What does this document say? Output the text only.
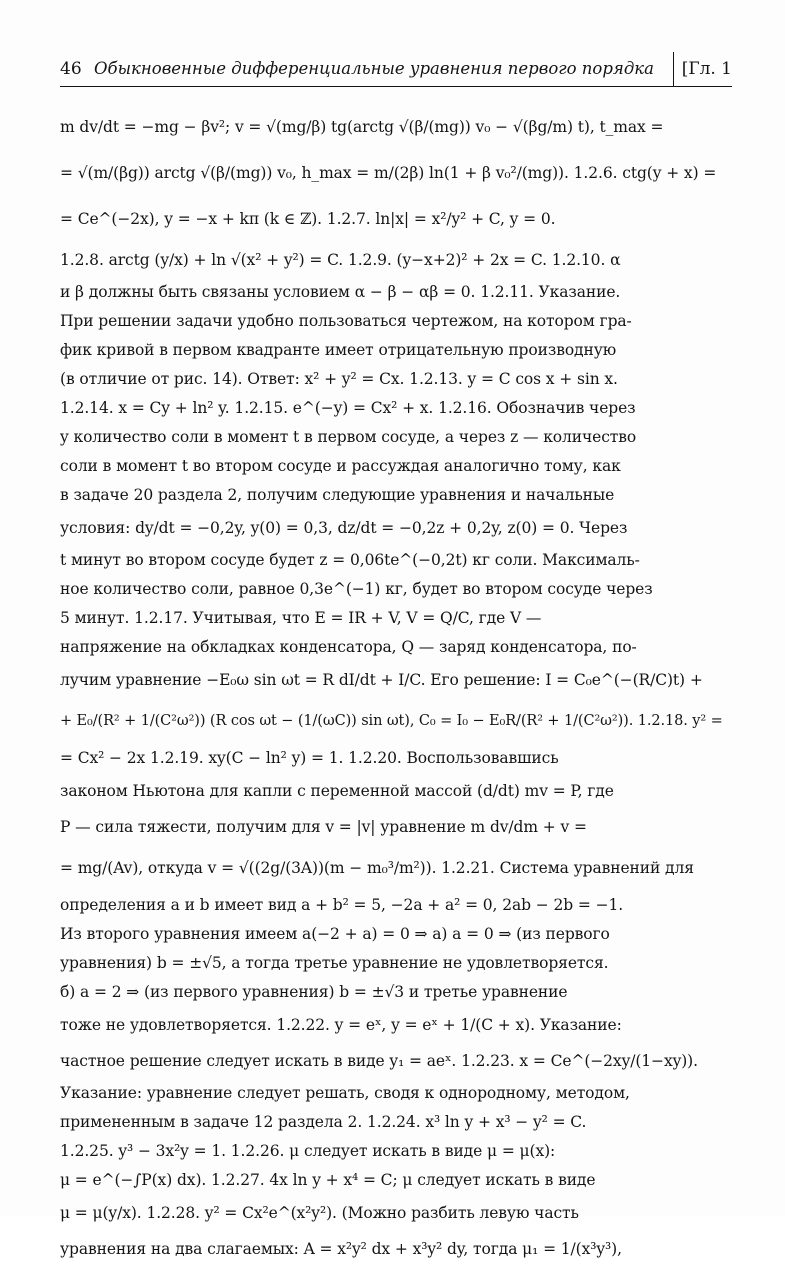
46 Обыкновенные дифференциальные уравнения первого порядка	[Гл. 1
m dv/dt = −mg − βv²; v = √(mg/β) tg(arctg √(β/(mg)) v₀ − √(βg/m) t), t_max =
= √(m/(βg)) arctg √(β/(mg)) v₀, h_max = m/(2β) ln(1 + β v₀²/(mg)). 1.2.6. ctg(y + x) =
= Ce^(−2x), y = −x + kπ (k ∈ ℤ). 1.2.7. ln|x| = x²/y² + C, y = 0.
1.2.8. arctg (y/x) + ln √(x² + y²) = C. 1.2.9. (y−x+2)² + 2x = C. 1.2.10. α
и β должны быть связаны условием α − β − αβ = 0. 1.2.11. Указание.
При решении задачи удобно пользоваться чертежом, на котором гра-
фик кривой в первом квадранте имеет отрицательную производную
(в отличие от рис. 14). Ответ: x² + y² = Cx. 1.2.13. y = C cos x + sin x.
1.2.14. x = Cy + ln² y. 1.2.15. e^(−y) = Cx² + x. 1.2.16. Обозначив через
y количество соли в момент t в первом сосуде, а через z — количество
соли в момент t во втором сосуде и рассуждая аналогично тому, как
в задаче 20 раздела 2, получим следующие уравнения и начальные
условия: dy/dt = −0,2y, y(0) = 0,3, dz/dt = −0,2z + 0,2y, z(0) = 0. Через
t минут во втором сосуде будет z = 0,06te^(−0,2t) кг соли. Максималь-
ное количество соли, равное 0,3e^(−1) кг, будет во втором сосуде через
5 минут. 1.2.17. Учитывая, что E = IR + V, V = Q/C, где V —
напряжение на обкладках конденсатора, Q — заряд конденсатора, по-
лучим уравнение −E₀ω sin ωt = R dI/dt + I/C. Его решение: I = C₀e^(−(R/C)t) +
+ E₀/(R² + 1/(C²ω²)) (R cos ωt − (1/(ωC)) sin ωt), C₀ = I₀ − E₀R/(R² + 1/(C²ω²)). 1.2.18. y² =
= Cx² − 2x 1.2.19. xy(C − ln² y) = 1. 1.2.20. Воспользовавшись
законом Ньютона для капли с переменной массой (d/dt) mv = P, где
P — сила тяжести, получим для v = |v| уравнение m dv/dm + v =
= mg/(Av), откуда v = √((2g/(3A))(m − m₀³/m²)). 1.2.21. Система уравнений для
определения a и b имеет вид a + b² = 5, −2a + a² = 0, 2ab − 2b = −1.
Из второго уравнения имеем a(−2 + a) = 0 ⇒ а) a = 0 ⇒ (из первого
уравнения) b = ±√5, а тогда третье уравнение не удовлетворяется.
б) a = 2 ⇒ (из первого уравнения) b = ±√3 и третье уравнение
тоже не удовлетворяется. 1.2.22. y = eˣ, y = eˣ + 1/(C + x). Указание:
частное решение следует искать в виде y₁ = aeˣ. 1.2.23. x = Ce^(−2xy/(1−xy)).
Указание: уравнение следует решать, сводя к однородному, методом,
примененным в задаче 12 раздела 2. 1.2.24. x³ ln y + x³ − y² = C.
1.2.25. y³ − 3x²y = 1. 1.2.26. μ следует искать в виде μ = μ(x):
μ = e^(−∫P(x) dx). 1.2.27. 4x ln y + x⁴ = C; μ следует искать в виде
μ = μ(y/x). 1.2.28. y² = Cx²e^(x²y²). (Можно разбить левую часть
уравнения на два слагаемых: A = x²y² dx + x³y² dy, тогда μ₁ = 1/(x³y³),
